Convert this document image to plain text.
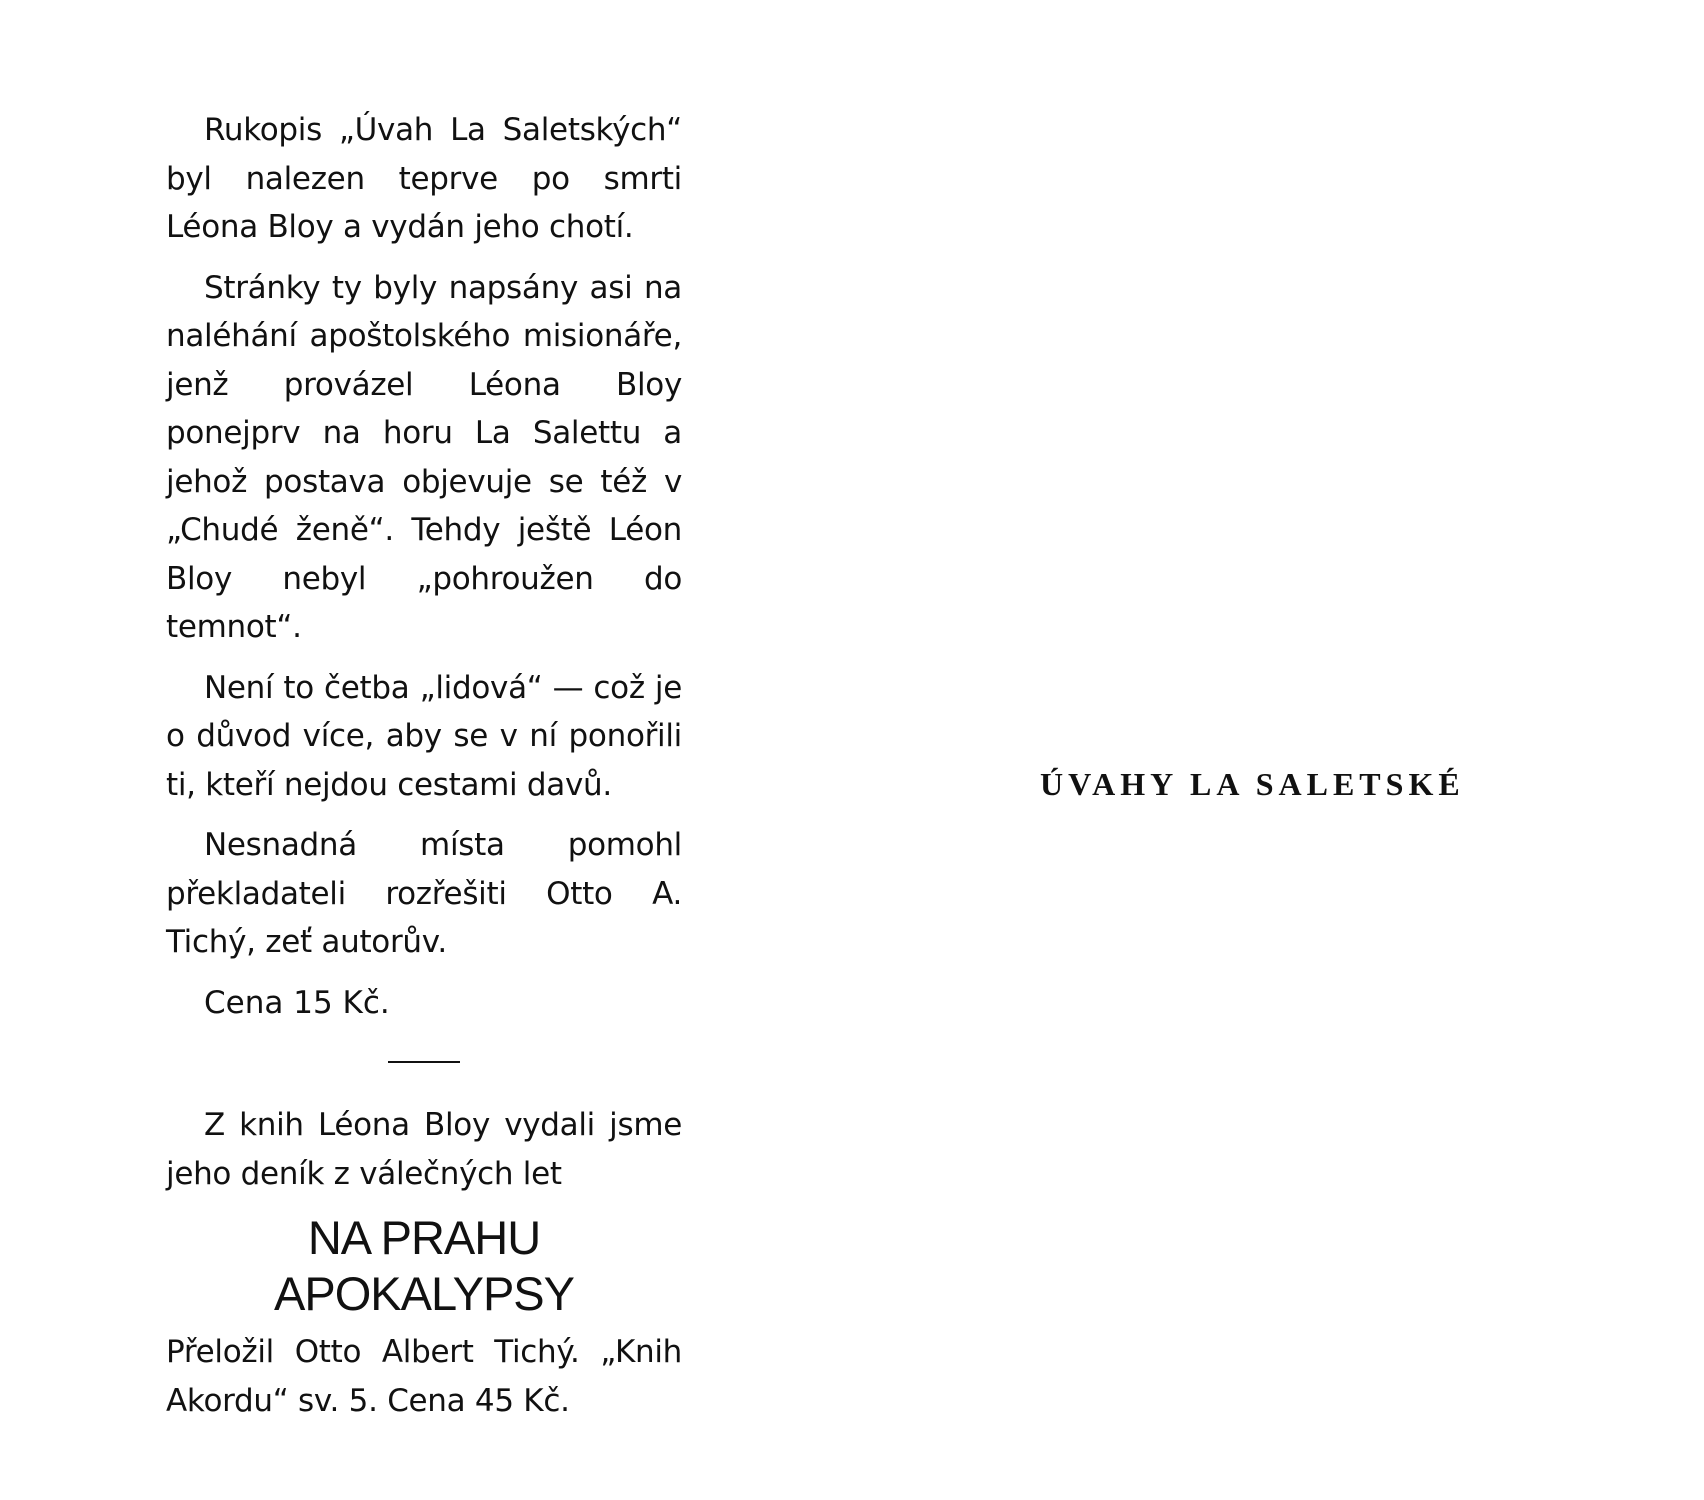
Rukopis „Úvah La Saletských“ byl nalezen teprve po smrti Léona Bloy a vydán jeho chotí.

Stránky ty byly napsány asi na naléhání apoštolského misionáře, jenž provázel Léona Bloy ponejprv na horu La Salettu a jehož postava objevuje se též v „Chudé ženě“. Tehdy ještě Léon Bloy nebyl „pohroužen do temnot“.

Není to četba „lidová“ — což je o důvod více, aby se v ní ponořili ti, kteří nejdou cestami davů.

Nesnadná místa pomohl překladateli rozřešiti Otto A. Tichý, zeť autorův.

Cena 15 Kč.

Z knih Léona Bloy vydali jsme jeho deník z válečných let

NA PRAHU
APOKALYPSY

Přeložil Otto Albert Tichý. „Knih Akordu“ sv. 5. Cena 45 Kč.

ÚVAHY LA SALETSKÉ
